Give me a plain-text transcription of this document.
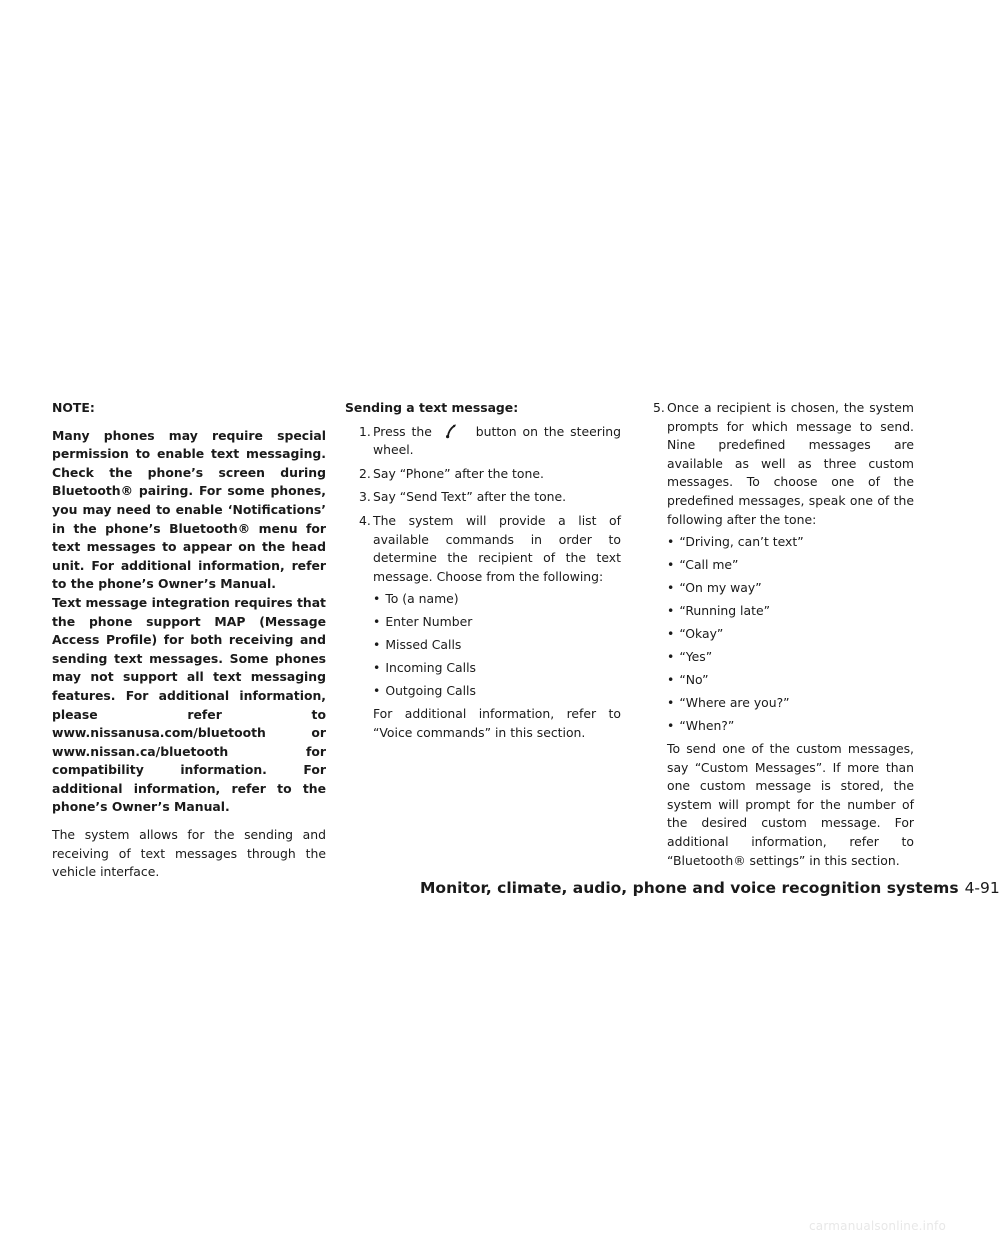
NOTE:

Many phones may require special permission to enable text messaging. Check the phone’s screen during Bluetooth® pairing. For some phones, you may need to enable ‘Notifications’ in the phone’s Bluetooth® menu for text messages to appear on the head unit. For additional information, refer to the phone’s Owner’s Manual.

Text message integration requires that the phone support MAP (Message Access Profile) for both receiving and sending text messages. Some phones may not support all text messaging features. For additional information, please refer to www.nissanusa.com/bluetooth or www.nissan.ca/bluetooth for compatibility information. For additional information, refer to the phone’s Owner’s Manual.

The system allows for the sending and receiving of text messages through the vehicle interface.

Sending a text message:

1. Press the	button on the steering wheel.
2. Say “Phone” after the tone.
3. Say “Send Text” after the tone.
4. The system will provide a list of available commands in order to determine the recipient of the text message. Choose from the following:
• To (a name)
• Enter Number
• Missed Calls
• Incoming Calls
• Outgoing Calls

For additional information, refer to “Voice commands” in this section.

5. Once a recipient is chosen, the system prompts for which message to send. Nine predefined messages are available as well as three custom messages. To choose one of the predefined messages, speak one of the following after the tone:
• “Driving, can’t text”
• “Call me”
• “On my way”
• “Running late”
• “Okay”
• “Yes”
• “No”
• “Where are you?”
• “When?”

To send one of the custom messages, say “Custom Messages”. If more than one custom message is stored, the system will prompt for the number of the desired custom message. For additional information, refer to “Bluetooth® settings” in this section.

Monitor, climate, audio, phone and voice recognition systems 4-91
carmanualsonline.info
